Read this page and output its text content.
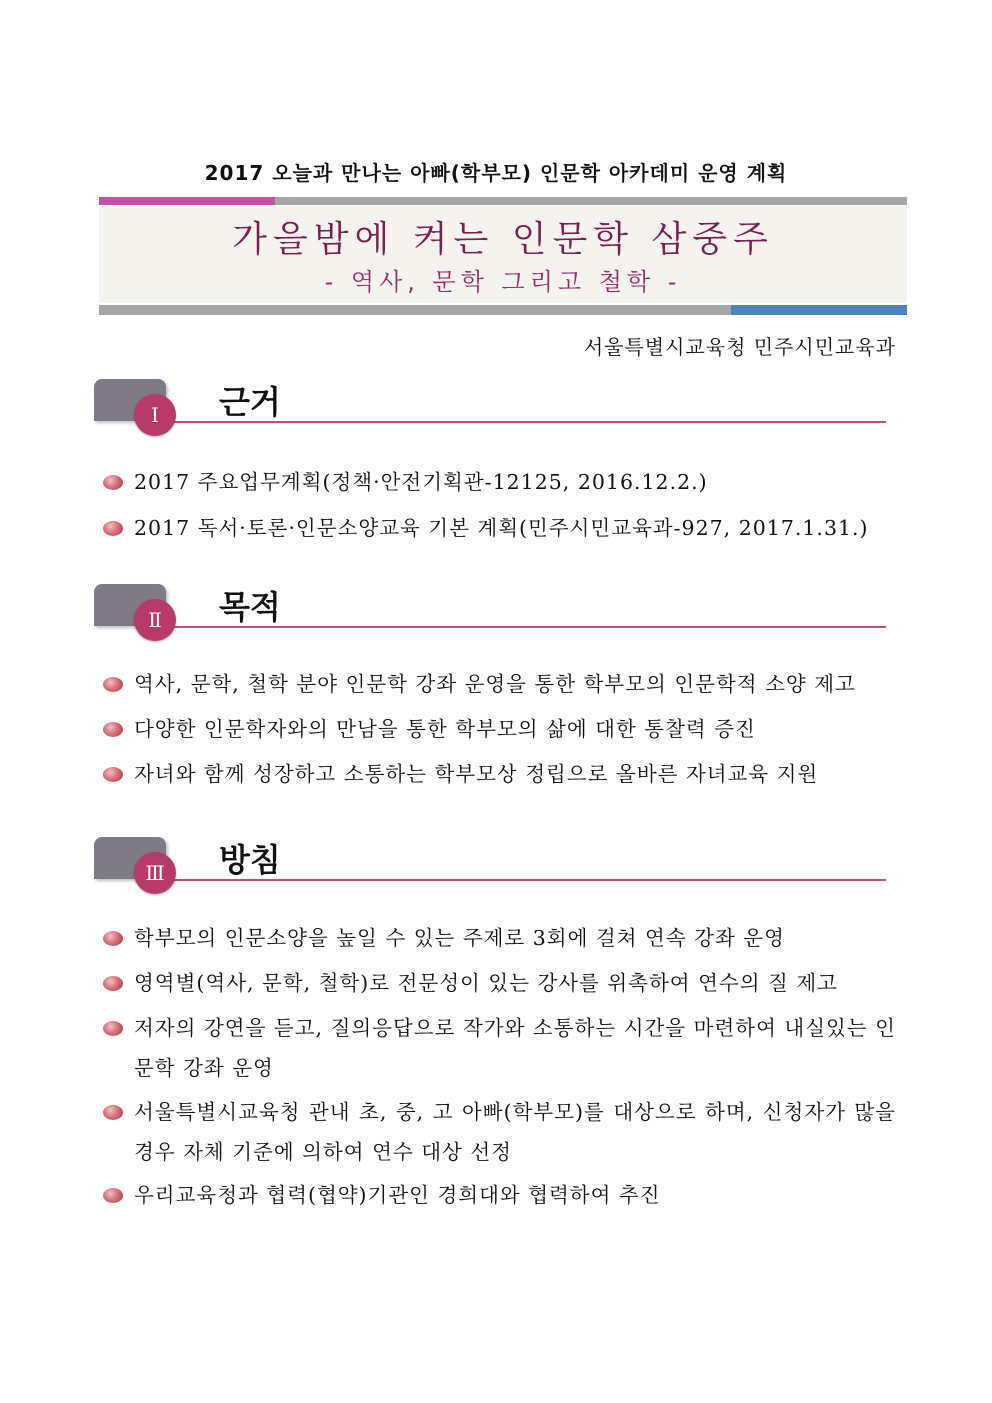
2017 오늘과 만나는 아빠(학부모) 인문학 아카데미 운영 계획
가을밤에 켜는 인문학 삼중주
- 역사, 문학 그리고 철학 -
서울특별시교육청 민주시민교육과
Ⅰ	근거
2017 주요업무계획(정책·안전기획관-12125, 2016.12.2.)
2017 독서·토론·인문소양교육 기본 계획(민주시민교육과-927, 2017.1.31.)
Ⅱ	목적
역사, 문학, 철학 분야 인문학 강좌 운영을 통한 학부모의 인문학적 소양 제고
다양한 인문학자와의 만남을 통한 학부모의 삶에 대한 통찰력 증진
자녀와 함께 성장하고 소통하는 학부모상 정립으로 올바른 자녀교육 지원
Ⅲ	방침
학부모의 인문소양을 높일 수 있는 주제로 3회에 걸쳐 연속 강좌 운영
영역별(역사, 문학, 철학)로 전문성이 있는 강사를 위촉하여 연수의 질 제고
저자의 강연을 듣고, 질의응답으로 작가와 소통하는 시간을 마련하여 내실있는 인문학 강좌 운영
서울특별시교육청 관내 초, 중, 고 아빠(학부모)를 대상으로 하며, 신청자가 많을 경우 자체 기준에 의하여 연수 대상 선정
우리교육청과 협력(협약)기관인 경희대와 협력하여 추진
